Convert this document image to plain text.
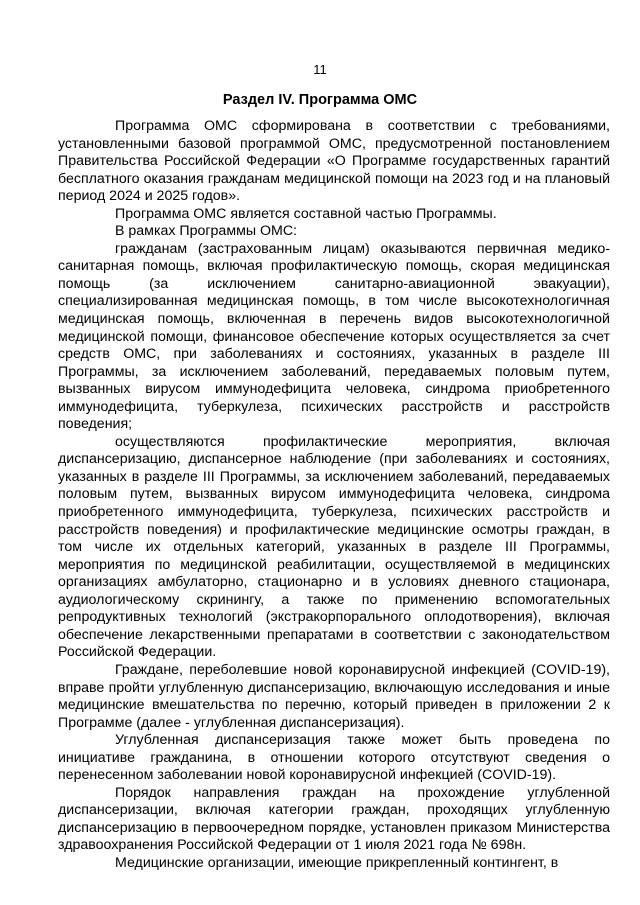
11
Раздел IV. Программа ОМС

Программа ОМС сформирована в соответствии с требованиями, установленными базовой программой ОМС, предусмотренной постановлением Правительства Российской Федерации «О Программе государственных гарантий бесплатного оказания гражданам медицинской помощи на 2023 год и на плановый период 2024 и 2025 годов».

Программа ОМС является составной частью Программы.

В рамках Программы ОМС:

гражданам (застрахованным лицам) оказываются первичная медико-санитарная помощь, включая профилактическую помощь, скорая медицинская помощь (за исключением санитарно-авиационной эвакуации), специализированная медицинская помощь, в том числе высокотехнологичная медицинская помощь, включенная в перечень видов высокотехнологичной медицинской помощи, финансовое обеспечение которых осуществляется за счет средств ОМС, при заболеваниях и состояниях, указанных в разделе III Программы, за исключением заболеваний, передаваемых половым путем, вызванных вирусом иммунодефицита человека, синдрома приобретенного иммунодефицита, туберкулеза, психических расстройств и расстройств поведения;

осуществляются профилактические мероприятия, включая диспансеризацию, диспансерное наблюдение (при заболеваниях и состояниях, указанных в разделе III Программы, за исключением заболеваний, передаваемых половым путем, вызванных вирусом иммунодефицита человека, синдрома приобретенного иммунодефицита, туберкулеза, психических расстройств и расстройств поведения) и профилактические медицинские осмотры граждан, в том числе их отдельных категорий, указанных в разделе III Программы, мероприятия по медицинской реабилитации, осуществляемой в медицинских организациях амбулаторно, стационарно и в условиях дневного стационара, аудиологическому скринингу, а также по применению вспомогательных репродуктивных технологий (экстракорпорального оплодотворения), включая обеспечение лекарственными препаратами в соответствии с законодательством Российской Федерации.

Граждане, переболевшие новой коронавирусной инфекцией (COVID-19), вправе пройти углубленную диспансеризацию, включающую исследования и иные медицинские вмешательства по перечню, который приведен в приложении 2 к Программе (далее - углубленная диспансеризация).

Углубленная диспансеризация также может быть проведена по инициативе гражданина, в отношении которого отсутствуют сведения о перенесенном заболевании новой коронавирусной инфекцией (COVID-19).

Порядок направления граждан на прохождение углубленной диспансеризации, включая категории граждан, проходящих углубленную диспансеризацию в первоочередном порядке, установлен приказом Министерства здравоохранения Российской Федерации от 1 июля 2021 года № 698н.

Медицинские организации, имеющие прикрепленный контингент, в
